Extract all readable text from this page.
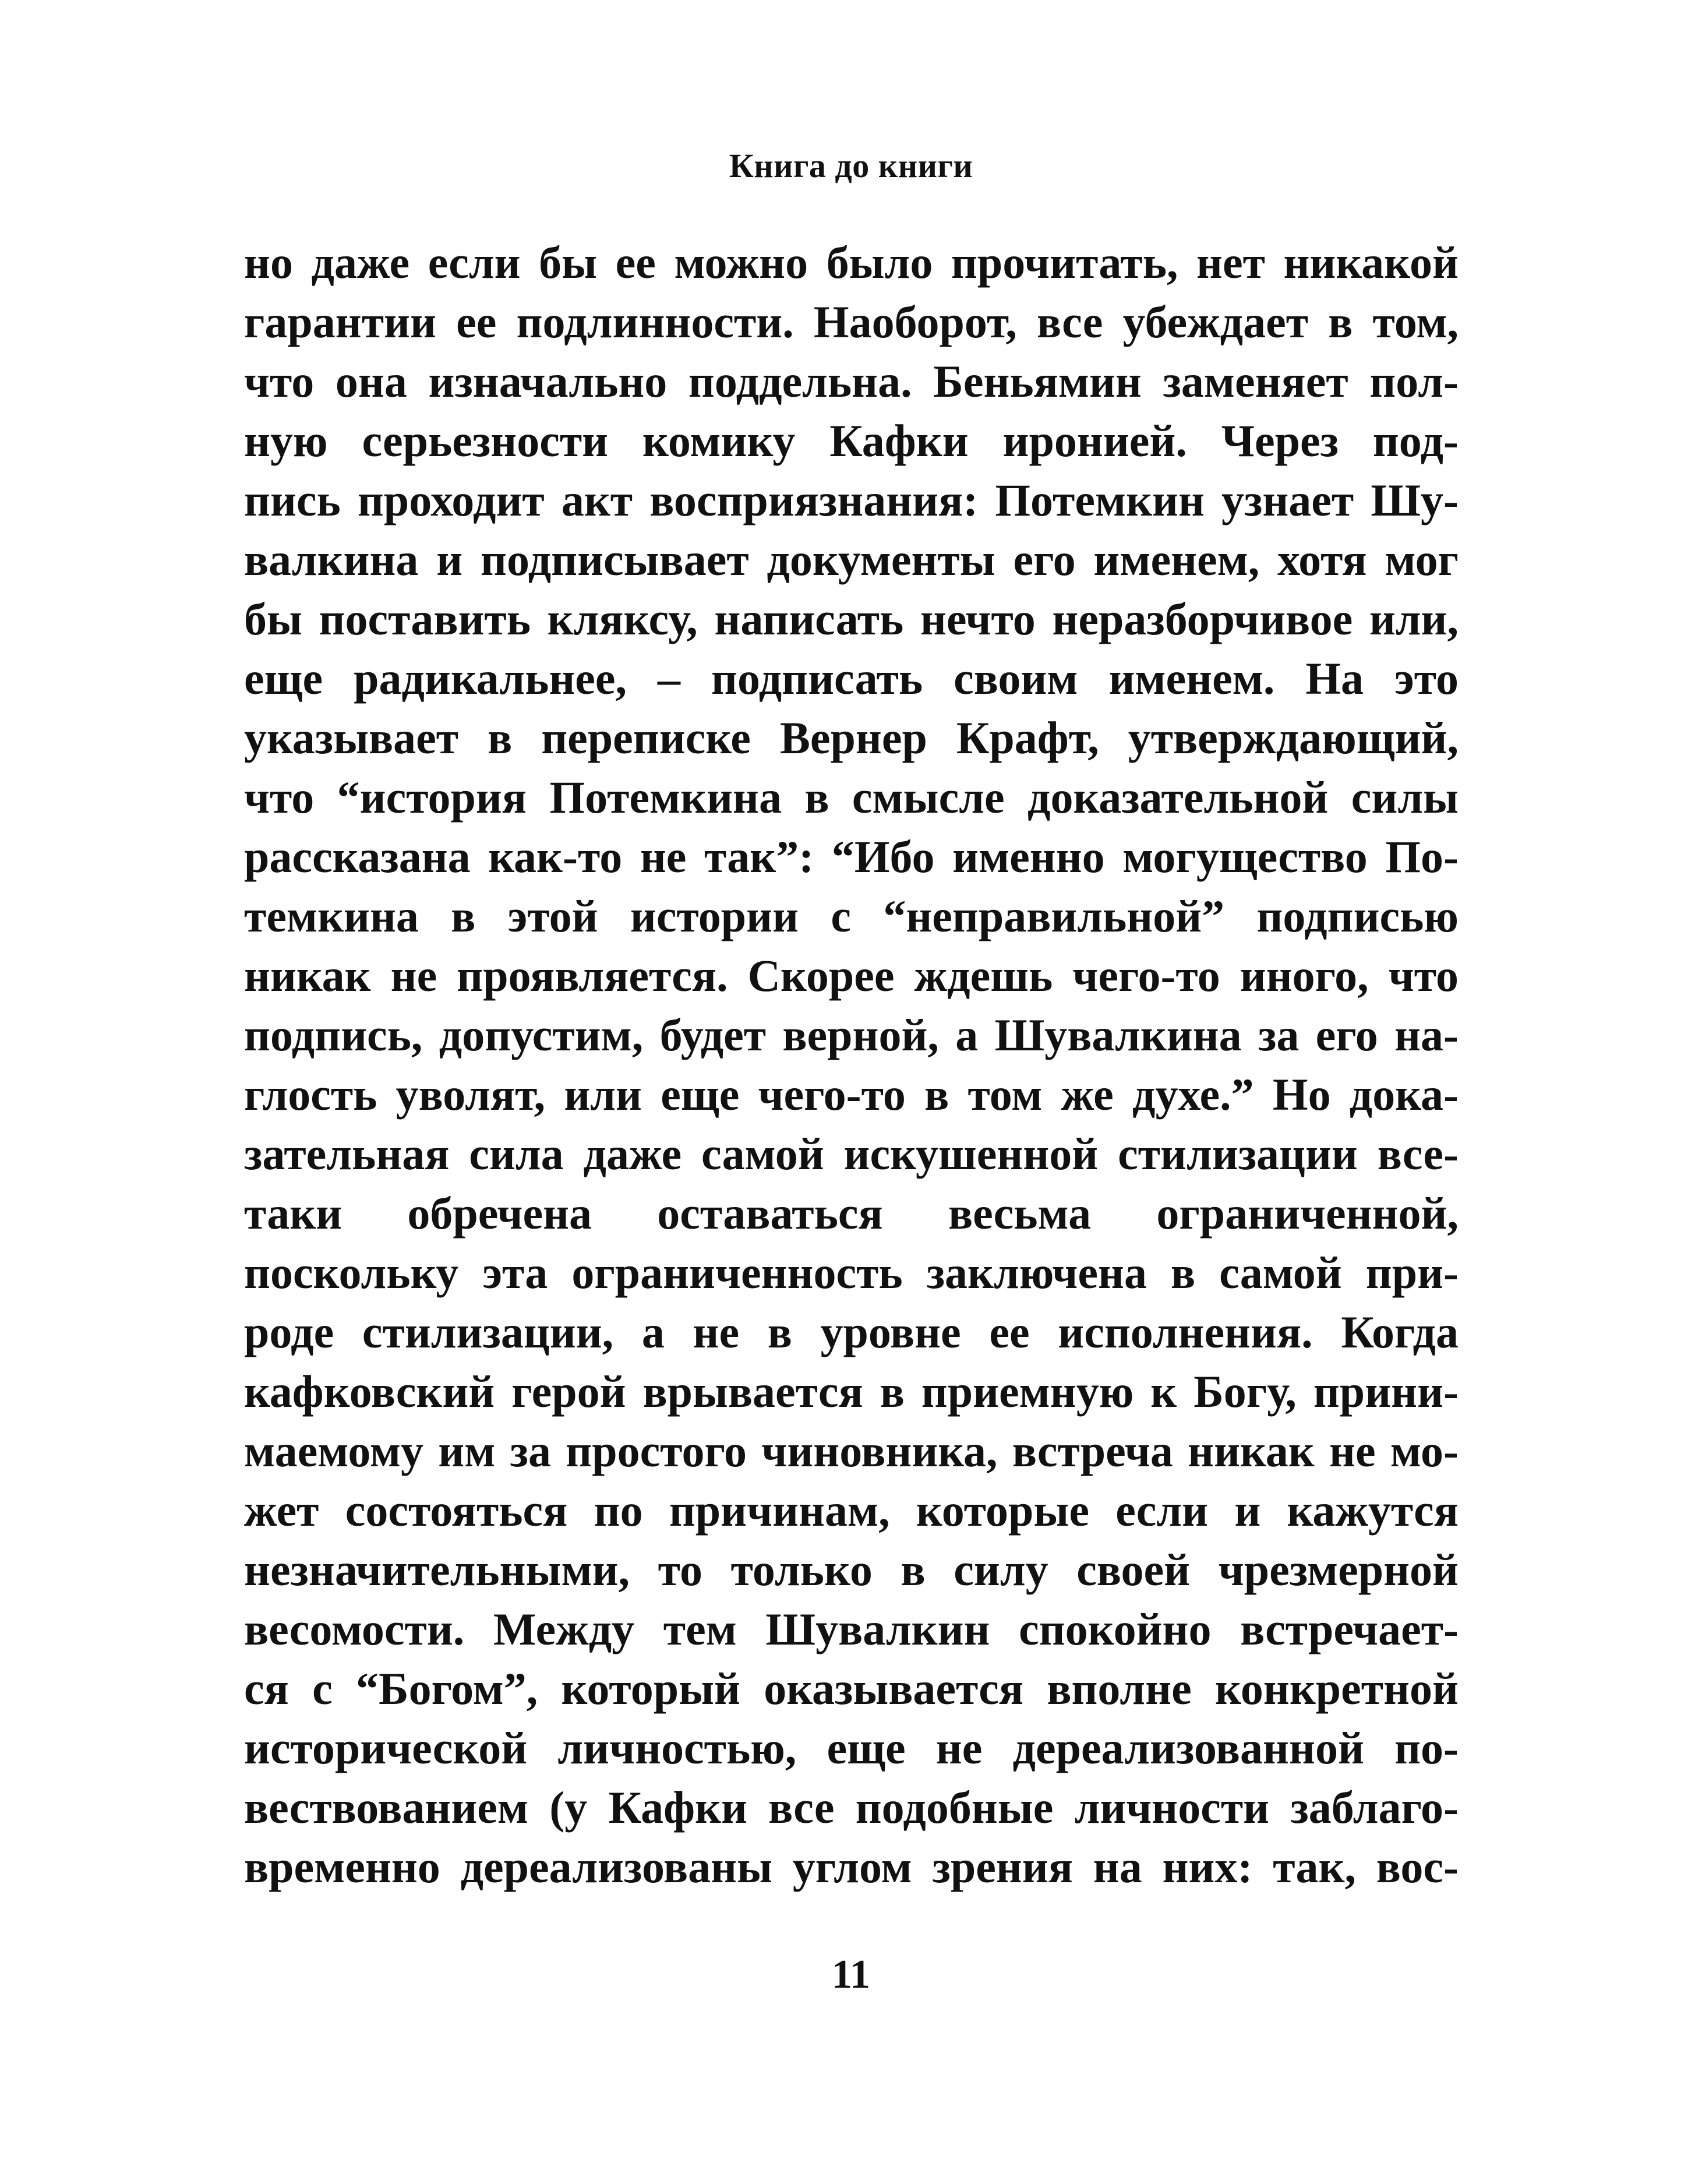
Книга до книги
но даже если бы ее можно было прочитать, нет никакой
гарантии ее подлинности. Наоборот, все убеждает в том,
что она изначально поддельна. Беньямин заменяет пол-
ную серьезности комику Кафки иронией. Через под-
пись проходит акт восприязнания: Потемкин узнает Шу-
валкина и подписывает документы его именем, хотя мог
бы поставить кляксу, написать нечто неразборчивое или,
еще радикальнее, – подписать своим именем. На это
указывает в переписке Вернер Крафт, утверждающий,
что “история Потемкина в смысле доказательной силы
рассказана как-то не так”: “Ибо именно могущество По-
темкина в этой истории с “неправильной” подписью
никак не проявляется. Скорее ждешь чего-то иного, что
подпись, допустим, будет верной, а Шувалкина за его на-
глость уволят, или еще чего-то в том же духе.” Но дока-
зательная сила даже самой искушенной стилизации все-
таки обречена оставаться весьма ограниченной,
поскольку эта ограниченность заключена в самой при-
роде стилизации, а не в уровне ее исполнения. Когда
кафковский герой врывается в приемную к Богу, прини-
маемому им за простого чиновника, встреча никак не мо-
жет состояться по причинам, которые если и кажутся
незначительными, то только в силу своей чрезмерной
весомости. Между тем Шувалкин спокойно встречает-
ся с “Богом”, который оказывается вполне конкретной
исторической личностью, еще не дереализованной по-
вествованием (у Кафки все подобные личности заблаго-
временно дереализованы углом зрения на них: так, вос-
11
